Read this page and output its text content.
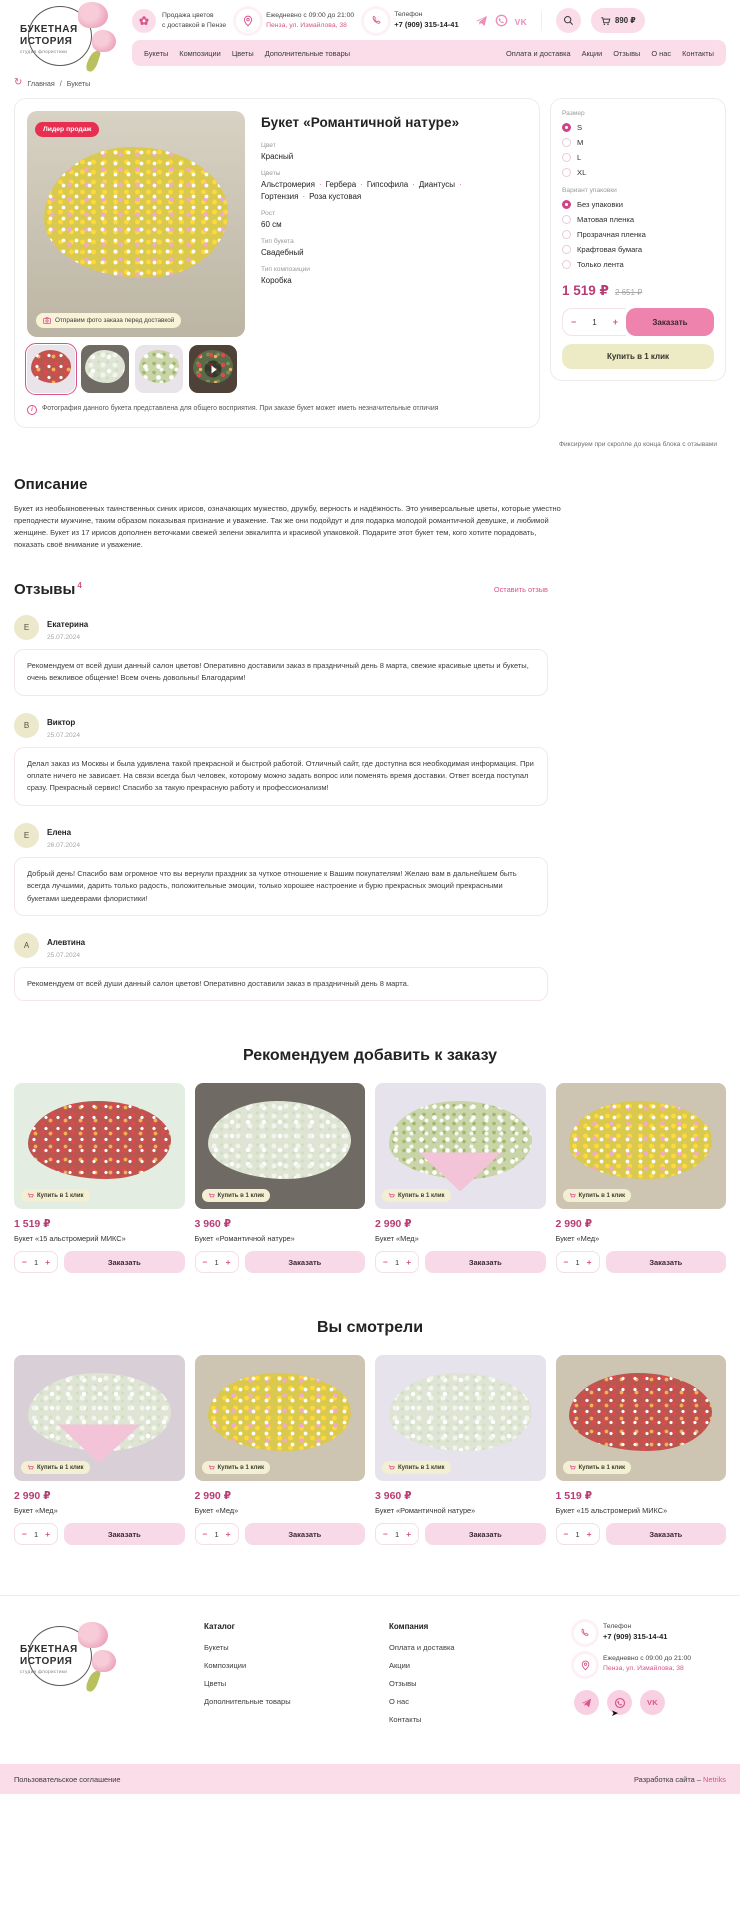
БУКЕТНАЯ
ИСТОРИЯ
студия флористики
Продажа цветов
с доставкой в Пензе
Ежедневно с 09:00 до 21:00
Пенза, ул. Измайлова, 38
Телефон
+7 (909) 315-14-41	VK	890 ₽
Букеты Композиции Цветы Дополнительные товары	Оплата и доставка Акции Отзывы О нас Контакты
↺ Главная / Букеты
Лидер продаж
Отправим фото заказа перед доставкой
Букет «Романтичной натуре»
Цвет
Красный
Цветы
Альстромерия ·	Гербера ·	Гипсофила ·	Диантусы ·
Гортензия ·	Роза кустовая
Рост
60 см
Тип букета
Свадебный
Тип композиции
Коробка
i	Фотография данного букета представлена для общего восприятия. При заказе букет может иметь незначительные отличия
Размер
S
М
L
XL
Вариант упаковки
Без упаковки
Матовая пленка
Прозрачная пленка
Крафтовая бумага
Только лента
1 519 ₽ 2 651 ₽
− 1 +	Заказать
Купить в 1 клик
Фиксируем при скролле до конца блока с отзывами
Описание

Букет из необыкновенных таинственных синих ирисов, означающих мужество, дружбу, верность и надёжность. Это универсальные цветы, которые уместно преподнести мужчине, таким образом показывая признание и уважение. Так же они подойдут и для подарка молодой романтичной девушке, и любимой женщине. Букет из 17 ирисов дополнен веточками свежей зелени эвкалипта и красивой упаковкой. Подарите этот букет тем, кого хотите порадовать, показать своё внимание и уважение.

Отзывы $^4$	Оставить отзыв
Е	Екатерина
25.07.2024
Рекомендуем от всей души данный салон цветов! Оперативно доставили заказ в праздничный день 8 марта, свежие красивые цветы и букеты, очень вежливое общение! Всем очень довольны! Благодарим!
В	Виктор
25.07.2024
Делал заказ из Москвы и была удивлена такой прекрасной и быстрой работой. Отличный сайт, где доступна вся необходимая информация. При оплате ничего не зависает. На связи всегда был человек, которому можно задать вопрос или поменять время доставки. Ответ всегда поступал сразу. Прекрасный сервис! Спасибо за такую прекрасную работу и профессионализм!
Е	Елена
26.07.2024
Добрый день! Спасибо вам огромное что вы вернули праздник за чуткое отношение к Вашим покупателям! Желаю вам в дальнейшем быть всегда лучшими, дарить только радость, положительные эмоции, только хорошее настроение и бурю прекрасных эмоций прекрасными букетами шедеврами флористики!
А	Алевтина
25.07.2024
Рекомендуем от всей души данный салон цветов! Оперативно доставили заказ в праздничный день 8 марта.
Рекомендуем добавить к заказу
Купить в 1 клик
1 519 ₽
Букет «15 альстромерий МИКС»
− 1 +	Заказать
Купить в 1 клик
3 960 ₽
Букет «Романтичной натуре»
− 1 +	Заказать
Купить в 1 клик
2 990 ₽
Букет «Мед»
− 1 +	Заказать
Купить в 1 клик
2 990 ₽
Букет «Мед»
− 1 +	Заказать
Вы смотрели
Купить в 1 клик
2 990 ₽
Букет «Мед»
− 1 +	Заказать
Купить в 1 клик
2 990 ₽
Букет «Мед»
− 1 +	Заказать
Купить в 1 клик
3 960 ₽
Букет «Романтичной натуре»
− 1 +	Заказать
Купить в 1 клик
1 519 ₽
Букет «15 альстромерий МИКС»
− 1 +	Заказать
БУКЕТНАЯ
ИСТОРИЯ
студия флористики
Каталог
Букеты
Композиции
Цветы
Дополнительные товары
Компания
Оплата и доставка
Акции
Отзывы
О нас
Контакты
Телефон
+7 (909) 315-14-41
Ежедневно с 09:00 до 21:00
Пенза, ул. Измайлова, 38
VK
➤
Пользовательское соглашение	Разработка сайта – Netriks
